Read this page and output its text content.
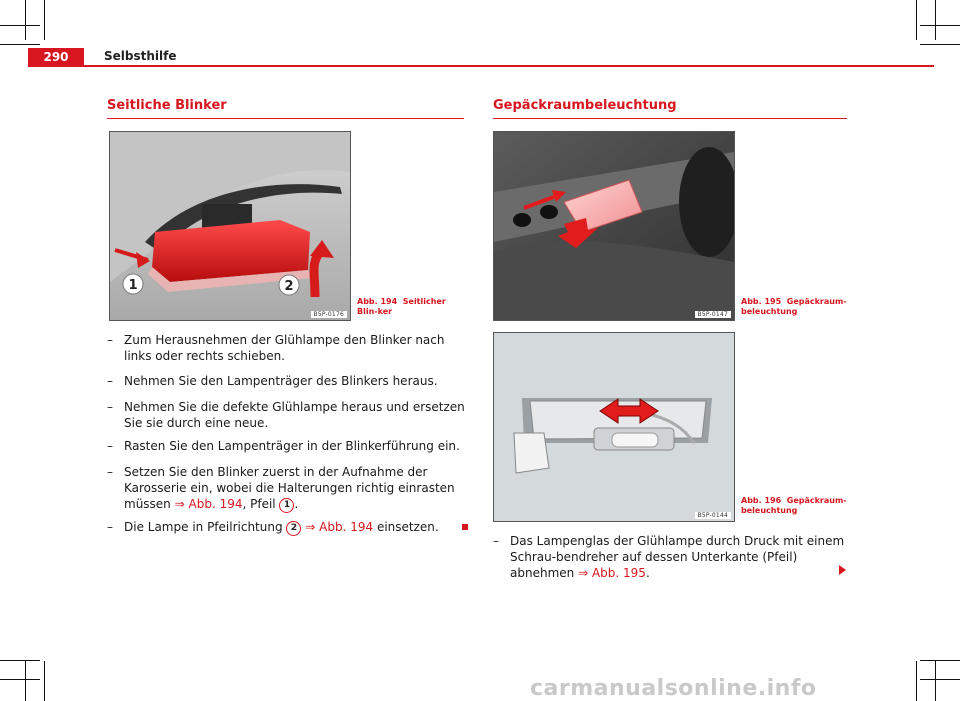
290	Selbsthilfe
Seitliche Blinker
1	2
B5P-0176
Abb. 194 Seitlicher Blin-ker
– Zum Herausnehmen der Glühlampe den Blinker nach links oder rechts schieben.
– Nehmen Sie den Lampenträger des Blinkers heraus.
– Nehmen Sie die defekte Glühlampe heraus und ersetzen Sie sie durch eine neue.
– Rasten Sie den Lampenträger in der Blinkerführung ein.
– Setzen Sie den Blinker zuerst in der Aufnahme der Karosserie ein, wobei die Halterungen richtig einrasten müssen ⇒ Abb. 194, Pfeil 1 .
– Die Lampe in Pfeilrichtung 2 ⇒ Abb. 194 einsetzen.
Gepäckraumbeleuchtung
B5P-0147
Abb. 195 Gepäckraum-beleuchtung
B5P-0144
Abb. 196 Gepäckraum-beleuchtung
– Das Lampenglas der Glühlampe durch Druck mit einem Schrau-bendreher auf dessen Unterkante (Pfeil) abnehmen ⇒ Abb. 195.
carmanualsonline.info
